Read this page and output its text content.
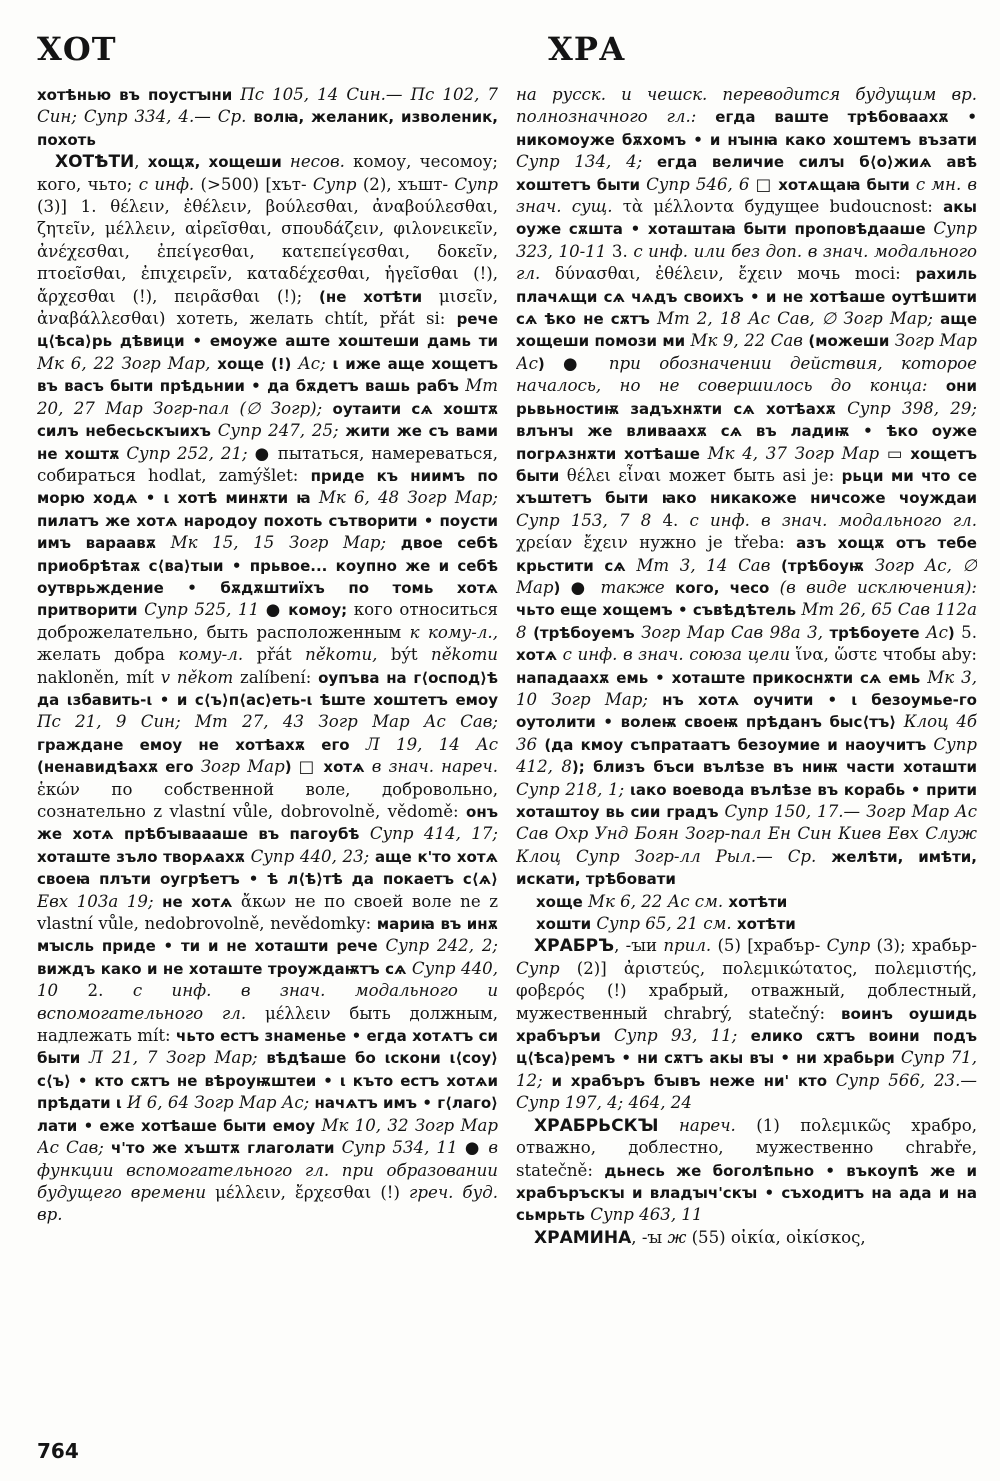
ХОТ	ХРА

хотѣнью въ поустꙑни Пс 105, 14 Син.— Пс 102, 7 Син; Супр 334, 4.— Ср. волꙗ, желаник, изволеник, похоть

ХОТѢТИ, хощѫ, хощеши несов. комоу, чесомоу; кого, чьто; с инф. (>500) [хът- Супр (2), хъшт- Супр (3)] 1. θέλειν, ἐθέλειν, βούλεσθαι, ἀναβούλεσθαι, ζητεῖν, μέλλειν, αἱρεῖσθαι, σπουδάζειν, φιλονεικεῖν, ἀνέχεσθαι, ἐπείγεσθαι, κατεπείγεσθαι, δοκεῖν, πτοεῖσθαι, ἐπιχειρεῖν, καταδέχεσθαι, ἡγεῖσθαι (!), ἄρχεσθαι (!), πειρᾶσθαι (!); (не хотѣти μισεῖν, ἀναβάλλεσθαι) хотеть, желать chtít, přát si: рече ц⟨ѣса⟩рь дѣвици • емоуже аште хоштеши дамь ти Мк 6, 22 Зогр Мар, хоще (!) Ас; ι иже аще хощетъ въ васъ быти прѣдьнии • да бѫдетъ вашь рабъ Мт 20, 27 Мар Зогр-пал (∅ Зогр); оутаити сѧ хоштѫ силъ небесьскꙑихъ Супр 247, 25; жити же съ вами не хоштѫ Супр 252, 21; ● пытаться, намереваться, собираться hodlat, zamýšlet: приде къ ниимъ по морю ходѧ • ι хотѣ минѫти ꙗ Мк 6, 48 Зогр Мар; пилатъ же хотѧ народоу похоть сътворити • поусти имъ вараавѫ Мк 15, 15 Зогр Мар; двое себѣ приобрѣтаѫ с⟨ва⟩тыи • прьвое... коупно же и себѣ оутврьждение • бѫдѫштиїхъ по томь хотѧ притворити Супр 525, 11 ● комоу; кого относиться доброжелательно, быть расположенным к кому-л., желать добра кому-л. přát někomu, být někomu nakloněn, mít v někom zalíbení: оупъва на г⟨оспод⟩ѣ да ιзбавить-ι • и с⟨ъ⟩п⟨ас⟩еть-ι ѣште хоштетъ емоу Пс 21, 9 Син; Мт 27, 43 Зогр Мар Ас Сав; граждане емоу не хотѣахѫ его Л 19, 14 Ас (ненавидѣахѫ его Зогр Мар) □ хотѧ в знач. нареч. ἑκών по собственной воле, добровольно, сознательно z vlastní vůle, dobrovolně, vědomě: онъ же хотѧ прѣбꙑваааше въ пагоубѣ Супр 414, 17; хоташте зъло творѧахѫ Супр 440, 23; аще к'то хотѧ своеꙗ плъти оугрѣетъ • ѣ л⟨ѣ⟩тѣ да покаетъ с⟨ѧ⟩ Евх 103а 19; не хотѧ ἄκων не по своей воле ne z vlastní vůle, nedobrovolně, nevědomky: мариꙗ въ инѫ мꙑсль приде • ти и не хоташти рече Супр 242, 2; виждъ како и не хоташте троуждаѭтъ сѧ Супр 440, 10 2. с инф. в знач. модального и вспомогательного гл. μέλλειν быть должным, надлежать mít: чьто естъ знаменье • егда хотѧтъ си быти Л 21, 7 Зогр Мар; вѣдѣаше бо ιскони ι⟨соу⟩с⟨ъ⟩ • кто сѫтъ не вѣроуѭштеи • ι къто естъ хотѧи прѣдати ι И 6, 64 Зогр Мар Ас; начѧтъ имъ • г⟨лаго⟩лати • еже хотѣаше быти емоу Мк 10, 32 Зогр Мар Ас Сав; ч'то же хъштѫ глаголати Супр 534, 11 ● в функции вспомогательного гл. при образовании будущего времени μέλλειν, ἔρχεσθαι (!) греч. буд. вр.

на русск. и чешск. переводится будущим вр. полнозначного гл.: егда ваште трѣбоваахѫ • никомоуже бѫхомъ • и нꙑнꙗ како хоштемъ възати Супр 134, 4; егда величие силꙑ б⟨о⟩жиѧ авѣ хоштетъ быти Супр 546, 6 □ хотѧщаꙗ быти с мн. в знач. сущ. τὰ μέλλοντα будущее budoucnost: акы оуже сѫшта • хоташтаꙗ быти проповѣдааше Супр 323, 10-11 3. с инф. или без доп. в знач. модального гл. δύνασθαι, ἐθέλειν, ἔχειν мочь moci: рахиль плачѧщи сѧ чѧдъ своихъ • и не хотѣаше оутѣшити сѧ ѣко не сѫтъ Мт 2, 18 Ас Сав, ∅ Зогр Мар; аще хощеши помози ми Мк 9, 22 Сав (можеши Зогр Мар Ас) ● при обозначении действия, которое началось, но не совершилось до конца: они рьвьностиѭ задъхнѫти сѧ хотѣахѫ Супр 398, 29; влънꙑ же вливаахѫ сѧ въ ладиѭ • ѣко оуже погрѧзнѫти хотѣаше Мк 4, 37 Зогр Мар ▭ хощетъ быти θέλει εἶναι может быть asi je: рьци ми что се хъштетъ быти ꙗко никакоже ничсоже чоуждаи Супр 153, 7 8 4. с инф. в знач. модального гл. χρείαν ἔχειν нужно je třeba: азъ хощѫ отъ тебе крьстити сѧ Мт 3, 14 Сав (трѣбоуѭ Зогр Ас, ∅ Мар) ● также кого, чесо (в виде исключения): чьто еще хощемъ • съвѣдѣтель Мт 26, 65 Сав 112а 8 (трѣбоуемъ Зогр Мар Сав 98а 3, трѣбоуете Ас) 5. хотѧ с инф. в знач. союза цели ἵνα, ὥστε чтобы aby: нападаахѫ емь • хоташте прикоснѫти сѧ емь Мк 3, 10 Зогр Мар; нъ хотѧ оучити • ι безоумье-го оутолити • волеѭ своеѭ прѣданъ быс⟨тъ⟩ Клоц 4б 36 (да кмоу съпратаатъ безоумие и наоучитъ Супр 412, 8); близъ бъси вълѣзе въ ниѭ части хоташти Супр 218, 1; ιако воевода вълѣзе въ корабь • прити хоташтоу вь сии градъ Супр 150, 17.— Зогр Мар Ас Сав Охр Унд Боян Зогр-пал Ен Син Киев Евх Служ Клоц Супр Зогр-лл Рыл.— Ср. желѣти, имѣти, искати, трѣбовати

хоще Мк 6, 22 Ас см. хотѣти

хошти Супр 65, 21 см. хотѣти

ХРАБРЪ, -ꙑи прил. (5) [храбър- Супр (3); храбьр- Супр (2)] ἀριστεύς, πολεμικώτατος, πολεμιστής, φοβερός (!) храбрый, отважный, доблестный, мужественный chrabrý, statečný: воинъ оушидь храбъръи Супр 93, 11; елико сѫтъ воини подъ ц⟨ѣса⟩ремъ • ни сѫтъ акы вꙑ • ни храбьри Супр 71, 12; и храбъръ бꙑвъ неже ни' кто Супр 566, 23.— Супр 197, 4; 464, 24

ХРАБРЬСКꙐ нареч. (1) πολεμικῶς храбро, отважно, доблестно, мужественно chrabře, statečně: дьнесь же боголѣпьно • въкоупѣ же и храбъръскꙑ и владꙑч'скꙑ • съходитъ на ада и на сьмрьть Супр 463, 11

ХРАМИНА, -ꙑ ж (55) οἰκία, οἰκίσκος,

764
